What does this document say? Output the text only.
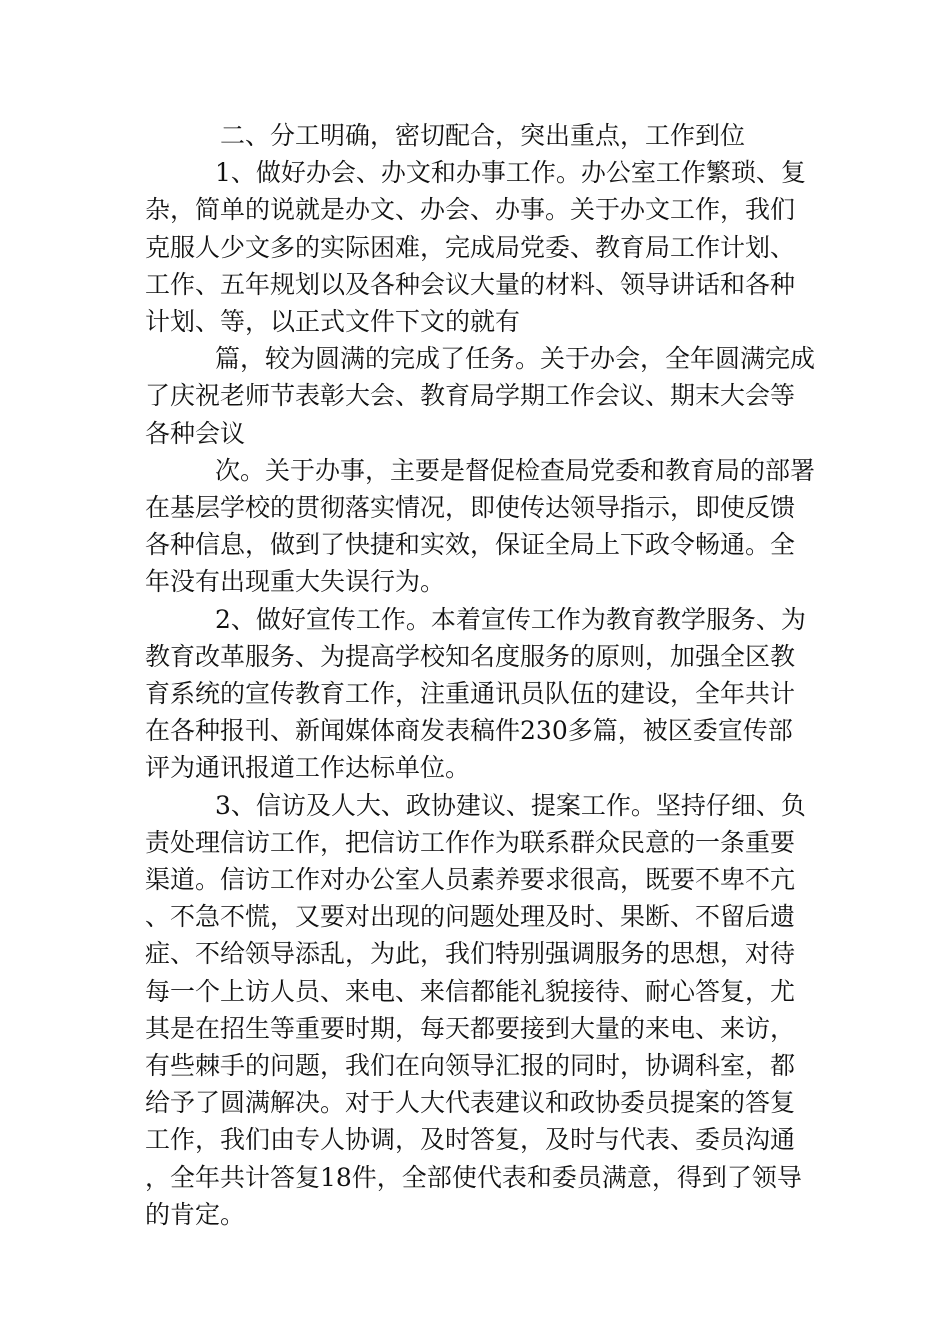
二、分工明确，密切配合，突出重点，工作到位

1、做好办会、办文和办事工作。办公室工作繁琐、复杂，简单的说就是办文、办会、办事。关于办文工作，我们克服人少文多的实际困难，完成局党委、教育局工作计划、工作、五年规划以及各种会议大量的材料、领导讲话和各种计划、等，以正式文件下文的就有

篇，较为圆满的完成了任务。关于办会，全年圆满完成了庆祝老师节表彰大会、教育局学期工作会议、期末大会等各种会议

次。关于办事，主要是督促检查局党委和教育局的部署在基层学校的贯彻落实情况，即使传达领导指示，即使反馈各种信息，做到了快捷和实效，保证全局上下政令畅通。全年没有出现重大失误行为。

2、做好宣传工作。本着宣传工作为教育教学服务、为教育改革服务、为提高学校知名度服务的原则，加强全区教育系统的宣传教育工作，注重通讯员队伍的建设，全年共计在各种报刊、新闻媒体商发表稿件230多篇，被区委宣传部评为通讯报道工作达标单位。

3、信访及人大、政协建议、提案工作。坚持仔细、负责处理信访工作，把信访工作作为联系群众民意的一条重要渠道。信访工作对办公室人员素养要求很高，既要不卑不亢、不急不慌，又要对出现的问题处理及时、果断、不留后遗症、不给领导添乱，为此，我们特别强调服务的思想，对待每一个上访人员、来电、来信都能礼貌接待、耐心答复，尤其是在招生等重要时期，每天都要接到大量的来电、来访，有些棘手的问题，我们在向领导汇报的同时，协调科室，都给予了圆满解决。对于人大代表建议和政协委员提案的答复工作，我们由专人协调，及时答复，及时与代表、委员沟通，全年共计答复18件，全部使代表和委员满意，得到了领导的肯定。
